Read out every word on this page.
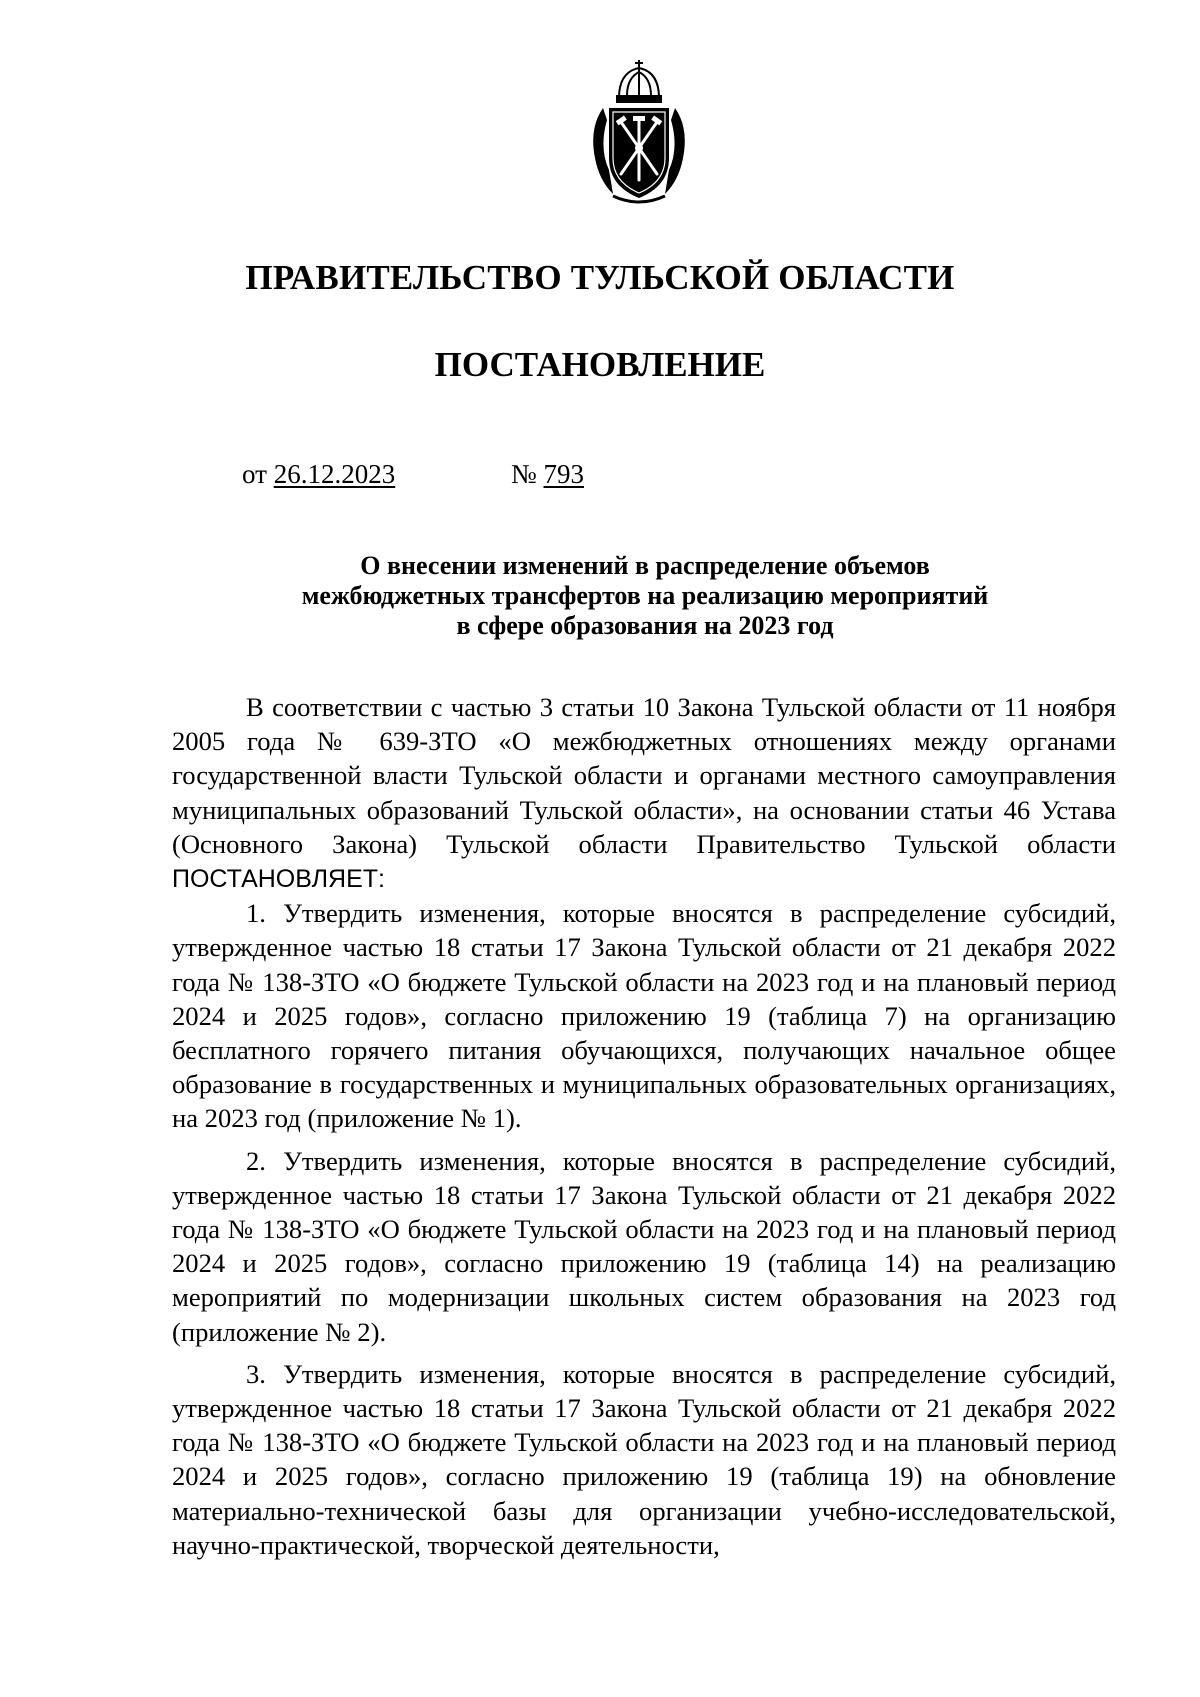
ПРАВИТЕЛЬСТВО ТУЛЬСКОЙ ОБЛАСТИ
ПОСТАНОВЛЕНИЕ
от 26.12.2023	№ 793
О внесении изменений в распределение объемов
межбюджетных трансфертов на реализацию мероприятий
в сфере образования на 2023 год

В соответствии с частью 3 статьи 10 Закона Тульской области от 11 ноября 2005 года № 639-ЗТО «О межбюджетных отношениях между органами государственной власти Тульской области и органами местного самоуправления муниципальных образований Тульской области», на основании статьи 46 Устава (Основного Закона) Тульской области Правительство Тульской области ПОСТАНОВЛЯЕТ:

1. Утвердить изменения, которые вносятся в распределение субсидий, утвержденное частью 18 статьи 17 Закона Тульской области от 21 декабря 2022 года № 138-ЗТО «О бюджете Тульской области на 2023 год и на плановый период 2024 и 2025 годов», согласно приложению 19 (таблица 7) на организацию бесплатного горячего питания обучающихся, получающих начальное общее образование в государственных и муниципальных образовательных организациях, на 2023 год (приложение № 1).

2. Утвердить изменения, которые вносятся в распределение субсидий, утвержденное частью 18 статьи 17 Закона Тульской области от 21 декабря 2022 года № 138-ЗТО «О бюджете Тульской области на 2023 год и на плановый период 2024 и 2025 годов», согласно приложению 19 (таблица 14) на реализацию мероприятий по модернизации школьных систем образования на 2023 год (приложение № 2).

3. Утвердить изменения, которые вносятся в распределение субсидий, утвержденное частью 18 статьи 17 Закона Тульской области от 21 декабря 2022 года № 138-ЗТО «О бюджете Тульской области на 2023 год и на плановый период 2024 и 2025 годов», согласно приложению 19 (таблица 19) на обновление материально-технической базы для организации учебно-исследовательской, научно-практической, творческой деятельности,
